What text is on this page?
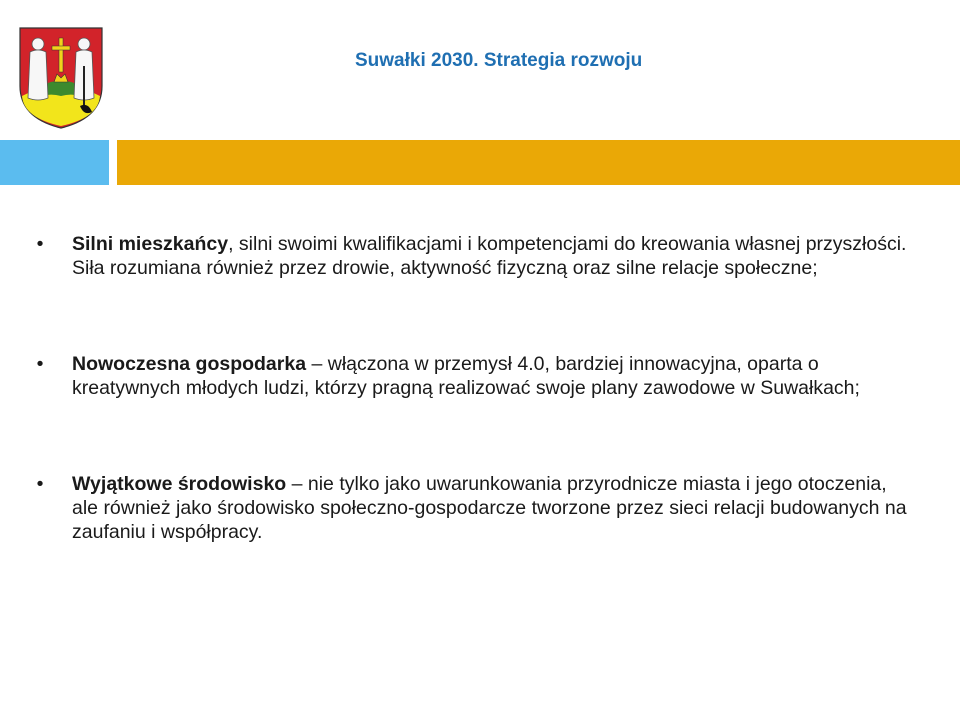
Suwałki 2030. Strategia rozwoju
• Silni mieszkańcy, silni swoimi kwalifikacjami i kompetencjami do kreowania własnej przyszłości. Siła rozumiana również przez drowie, aktywność fizyczną oraz silne relacje społeczne;
• Nowoczesna gospodarka – włączona w przemysł 4.0, bardziej innowacyjna, oparta o kreatywnych młodych ludzi, którzy pragną realizować swoje plany zawodowe w Suwałkach;
• Wyjątkowe środowisko – nie tylko jako uwarunkowania przyrodnicze miasta i jego otoczenia, ale również jako środowisko społeczno-gospodarcze tworzone przez sieci relacji budowanych na zaufaniu i współpracy.
